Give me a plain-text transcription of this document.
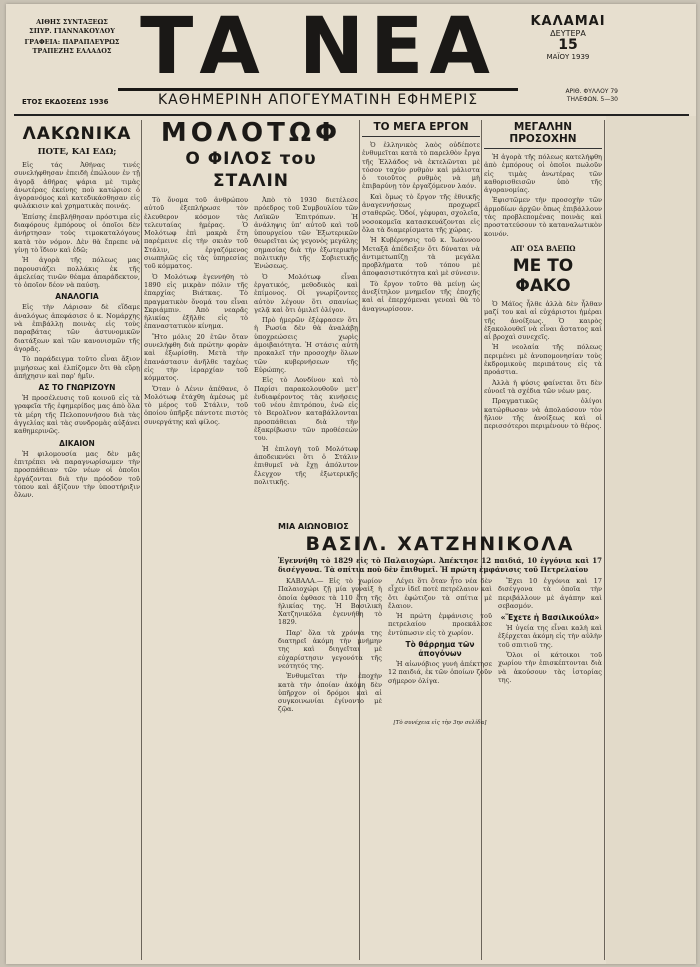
ΑΙΘΗΣ ΣΥΝΤΑΞΕΩΣ
ΣΠΥΡ. ΓΙΑΝΝΑΚΟΥΛΟΥ
ΓΡΑΦΕΙΑ: ΠΑΡΑΠΛΕΥΡΩΣ
ΤΡΑΠΕΖΗΣ ΕΛΛΑΔΟΣ ΤΑ ΝΕΑ
ΚΑΘΗΜΕΡΙΝΗ ΑΠΟΓΕΥΜΑΤΙΝΗ ΕΦΗΜΕΡΙΣ
ΚΑΛΑΜΑΙ
ΔΕΥΤΕΡΑ
15
ΜΑΪΟΥ 1939
ΕΤΟΣ ΕΚΔΟΣΕΩΣ 1936
ΑΡΙΘ. ΦΥΛΛΟΥ 79
ΤΗΛΕΦΩΝ. 5—30
ΛΑΚΩΝΙΚΑ
ΠΟΤΕ, ΚΑΙ ΕΔΩ;

Εἰς τάς Ἀθήνας τινές συνελήφθησαν ἐπειδὴ ἐπώλουν ἐν τῇ ἀγορᾷ ἀθήρας ψάρια μὲ τιμὰς ἀνωτέρας ἐκείνης ποὺ κατώρισε ὁ ἀγορανόμος καὶ κατεδικάσθησαν εἰς φυλάκισιν καὶ χρηματικὰς ποινάς.

Ἐπίσης ἐπεβλήθησαν πρόστιμα εἰς διαφόρους ἐμπόρους οἱ ὁποῖοι δὲν ἀνήρτησαν τοὺς τιμοκαταλόγους κατὰ τὸν νόμον. Δὲν θὰ ἔπρεπε νὰ γίνῃ τὸ ἴδιον καὶ ἐδῶ;

Ἡ ἀγορὰ τῆς πόλεως μας παρουσιάζει πολλάκις ἐκ τῆς ἀμελείας τινῶν θέαμα ἀπαράδεκτον, τὸ ὁποῖον δέον νὰ παύσῃ.

ΑΝΑΛΟΓΙΑ

Εἰς τὴν Λάρισαν δὲ εἴδαμε ἀναλόγως ἀπεφάσισε ὁ κ. Νομάρχης νὰ ἐπιβάλλῃ ποινὰς εἰς τοὺς παραβάτας τῶν ἀστυνομικῶν διατάξεων καὶ τῶν κανονισμῶν τῆς ἀγορᾶς.

Τὸ παράδειγμα τοῦτο εἶναι ἄξιον μιμήσεως καὶ ἐλπίζομεν ὅτι θὰ εὕρῃ ἀπήχησιν καὶ παρ' ἡμῖν.

ΑΣ ΤΟ ΓΝΩΡΙΖΟΥΝ

Ἡ προσέλευσις τοῦ κοινοῦ εἰς τὰ γραφεῖα τῆς ἐφημερίδος μας ἀπὸ ὅλα τὰ μέρη τῆς Πελοποννήσου διὰ τὰς ἀγγελίας καὶ τὰς συνδρομὰς αὐξάνει καθημερινῶς.

ΔΙΚΑΙΟΝ

Ἡ φιλομουσία μας δὲν μᾶς ἐπιτρέπει νὰ παραγνωρίσωμεν τὴν προσπάθειαν τῶν νέων οἱ ὁποῖοι ἐργάζονται διὰ τὴν πρόοδον τοῦ τόπου καὶ ἀξίζουν τὴν ὑποστήριξιν ὅλων.

ΜΟΛΟΤΩΦ
Ο ΦΙΛΟΣ του ΣΤΑΛΙΝ

Τὸ ὄνομα τοῦ ἀνθρώπου αὐτοῦ ἐξεπλήρωσε τὸν ἐλευθερον κόσμον τὰς τελευταίας ἡμέρας. Ὁ Μολότωφ ἐπὶ μακρὰ ἔτη παρέμεινε εἰς τὴν σκιὰν τοῦ Στάλιν, ἐργαζόμενος σιωπηλῶς εἰς τὰς ὑπηρεσίας τοῦ κόμματος.

Ὁ Μολότωφ ἐγεννήθη τὸ 1890 εἰς μικρὰν πόλιν τῆς ἐπαρχίας Βιάτκας. Τὸ πραγματικὸν ὄνομά του εἶναι Σκριάμπιν. Ἀπὸ νεαρᾶς ἡλικίας ἐξῆλθε εἰς τὸ ἐπαναστατικὸν κίνημα.

Ἤτο μόλις 20 ἐτῶν ὅταν συνελήφθη διὰ πρώτην φορὰν καὶ ἐξωρίσθη. Μετὰ τὴν ἐπανάστασιν ἀνῆλθε ταχέως εἰς τὴν ἱεραρχίαν τοῦ κόμματος.

Ὅταν ὁ Λένιν ἀπέθανε, ὁ Μολότωφ ἐτάχθη ἀμέσως μὲ τὸ μέρος τοῦ Στάλιν, τοῦ ὁποίου ὑπῆρξε πάντοτε πιστὸς συνεργάτης καὶ φίλος.

Ἀπὸ τὸ 1930 διετέλεσε πρόεδρος τοῦ Συμβουλίου τῶν Λαϊκῶν Ἐπιτρόπων. Ἡ ἀνάληψις ὑπ' αὐτοῦ καὶ τοῦ ὑπουργείου τῶν Ἐξωτερικῶν θεωρεῖται ὡς γεγονὸς μεγάλης σημασίας διὰ τὴν ἐξωτερικὴν πολιτικὴν τῆς Σοβιετικῆς Ἑνώσεως.

Ὁ Μολότωφ εἶναι ἐργατικός, μεθοδικὸς καὶ ἐπίμονος. Οἱ γνωρίζοντες αὐτὸν λέγουν ὅτι σπανίως γελᾷ καὶ ὅτι ὁμιλεῖ ὀλίγον.

Πρὸ ἡμερῶν ἐξέφρασεν ὅτι ἡ Ρωσία δὲν θὰ ἀναλάβῃ ὑποχρεώσεις χωρὶς ἀμοιβαιότητα. Ἡ στάσις αὐτὴ προκαλεῖ τὴν προσοχὴν ὅλων τῶν κυβερνήσεων τῆς Εὐρώπης.

Εἰς τὸ Λονδίνον καὶ τὸ Παρίσι παρακολουθοῦν μετ' ἐνδιαφέροντος τὰς κινήσεις τοῦ νέου ἐπιτρόπου, ἐνῶ εἰς τὸ Βερολῖνον καταβάλλονται προσπάθειαι διὰ τὴν ἐξακρίβωσιν τῶν προθέσεών του.

Ἡ ἐπιλογὴ τοῦ Μολότωφ ἀποδεικνύει ὅτι ὁ Στάλιν ἐπιθυμεῖ νὰ ἔχῃ ἀπόλυτον ἔλεγχον τῆς ἐξωτερικῆς πολιτικῆς.

ΤΟ ΜΕΓΑ ΕΡΓΟΝ

Ὁ ἑλληνικὸς λαὸς οὐδέποτε ἐνθυμεῖται κατὰ τὸ παρελθὸν ἔργα τῆς Ἑλλάδος νὰ ἐκτελῶνται μὲ τόσον ταχὺν ρυθμὸν καὶ μάλιστα ὁ τοιοῦτος ρυθμὸς νὰ μὴ ἐπιβαρύνῃ τὸν ἐργαζόμενον λαόν.

Καὶ ὅμως τὸ ἔργον τῆς ἐθνικῆς ἀναγεννήσεως προχωρεῖ σταθερῶς. Ὁδοί, γέφυραι, σχολεῖα, νοσοκομεῖα κατασκευάζονται εἰς ὅλα τὰ διαμερίσματα τῆς χώρας.

Ἡ Κυβέρνησις τοῦ κ. Ἰωάννου Μεταξᾶ ἀπέδειξεν ὅτι δύναται νὰ ἀντιμετωπίζῃ τὰ μεγάλα προβλήματα τοῦ τόπου μὲ ἀποφασιστικότητα καὶ μὲ σύνεσιν.

Τὸ ἔργον τοῦτο θὰ μείνῃ ὡς ἀνεξίτηλον μνημεῖον τῆς ἐποχῆς καὶ αἱ ἐπερχόμεναι γενεαὶ θὰ τὸ ἀναγνωρίσουν.

ΜΕΓΑΛΗΝ ΠΡΟΣΟΧΗΝ

Ἡ ἀγορὰ τῆς πόλεως κατελήφθη ἀπὸ ἐμπόρους οἱ ὁποῖοι πωλοῦν εἰς τιμὰς ἀνωτέρας τῶν καθορισθεισῶν ὑπὸ τῆς ἀγορανομίας.

Ἐφιστῶμεν τὴν προσοχὴν τῶν ἁρμοδίων ἀρχῶν ὅπως ἐπιβάλλουν τὰς προβλεπομένας ποινὰς καὶ προστατεύσουν τὸ καταναλωτικὸν κοινόν.

ΑΠ' ΟΣΑ ΒΛΕΠΩ
ΜΕ ΤΟ ΦΑΚΟ

Ὁ Μάϊος ἦλθε ἀλλὰ δὲν ἦλθαν μαζί του καὶ αἱ εὐχάριστοι ἡμέραι τῆς ἀνοίξεως. Ὁ καιρὸς ἐξακολουθεῖ νὰ εἶναι ἄστατος καὶ αἱ βροχαὶ συνεχεῖς.

Ἡ νεολαία τῆς πόλεως περιμένει μὲ ἀνυπομονησίαν τοὺς ἐκδρομικοὺς περιπάτους εἰς τὰ προάστια.

Ἀλλὰ ἡ φύσις φαίνεται ὅτι δὲν εὐνοεῖ τὰ σχέδια τῶν νέων μας.

Πραγματικῶς ὀλίγοι κατώρθωσαν νὰ ἀπολαύσουν τὸν ἥλιον τῆς ἀνοίξεως καὶ οἱ περισσότεροι περιμένουν τὸ θέρος.

ΜΙΑ ΑΙΩΝΟΒΙΟΣ
ΒΑΣΙΛ. ΧΑΤΖΗΝΙΚΟΛΑ
Ἐγεννήθη τὸ 1829 εἰς τὸ Παλαιοχώρι. Ἀπέκτησε 12 παιδιά, 10 ἐγγόνια καὶ 17 δισέγγονα. Τὰ σπίτια ποὺ δὲν ἔπιθυμεῖ. Ἡ πρώτη ἐμφάνισις τοῦ Πετρελαίου

ΚΑΒΑΛΑ.— Εἰς τὸ χωρίον Παλαιοχώρι ζῇ μία γυναὶξ ἡ ὁποία ἐφθασε τὰ 110 ἔτη τῆς ἡλικίας της. Ἡ Βασιλικὴ Χατζηνικόλα ἐγεννήθη τὸ 1829.

Παρ' ὅλα τὰ χρόνια της διατηρεῖ ἀκόμη τὴν μνήμην της καὶ διηγεῖται μὲ εὐχαρίστησιν γεγονότα τῆς νεότητός της.

Ἐνθυμεῖται τὴν ἐποχὴν κατὰ τὴν ὁποίαν ἀκόμη δὲν ὑπῆρχον οἱ δρόμοι καὶ αἱ συγκοινωνίαι ἐγίνοντο μὲ ζῷα.

Λέγει ὅτι ὅταν ἦτο νέα δὲν εἶχεν ἰδεῖ ποτὲ πετρέλαιον καὶ ὅτι ἐφώτιζον τὰ σπίτια μὲ ἔλαιον.

Ἡ πρώτη ἐμφάνισις τοῦ πετρελαίου προεκάλεσε ἐντύπωσιν εἰς τὸ χωρίον.

Τὸ θάρρημα τῶν ἀπογόνων

Ἡ αἰωνόβιος γυνὴ ἀπέκτησε 12 παιδιά, ἐκ τῶν ὁποίων ζοῦν σήμερον ὀλίγα.

Ἔχει 10 ἐγγόνια καὶ 17 δισέγγονα τὰ ὁποῖα τὴν περιβάλλουν μὲ ἀγάπην καὶ σεβασμόν.

«Ἔχετε ἡ Βασιλικούλα»

Ἡ ὑγεία της εἶναι καλὴ καὶ ἐξέρχεται ἀκόμη εἰς τὴν αὐλὴν τοῦ σπιτιοῦ της.

Ὅλοι οἱ κάτοικοι τοῦ χωρίου τὴν ἐπισκέπτονται διὰ νὰ ἀκούσουν τὰς ἱστορίας της.

[Τὸ συνέχεια εἰς τὴν 3ην σελίδα]
